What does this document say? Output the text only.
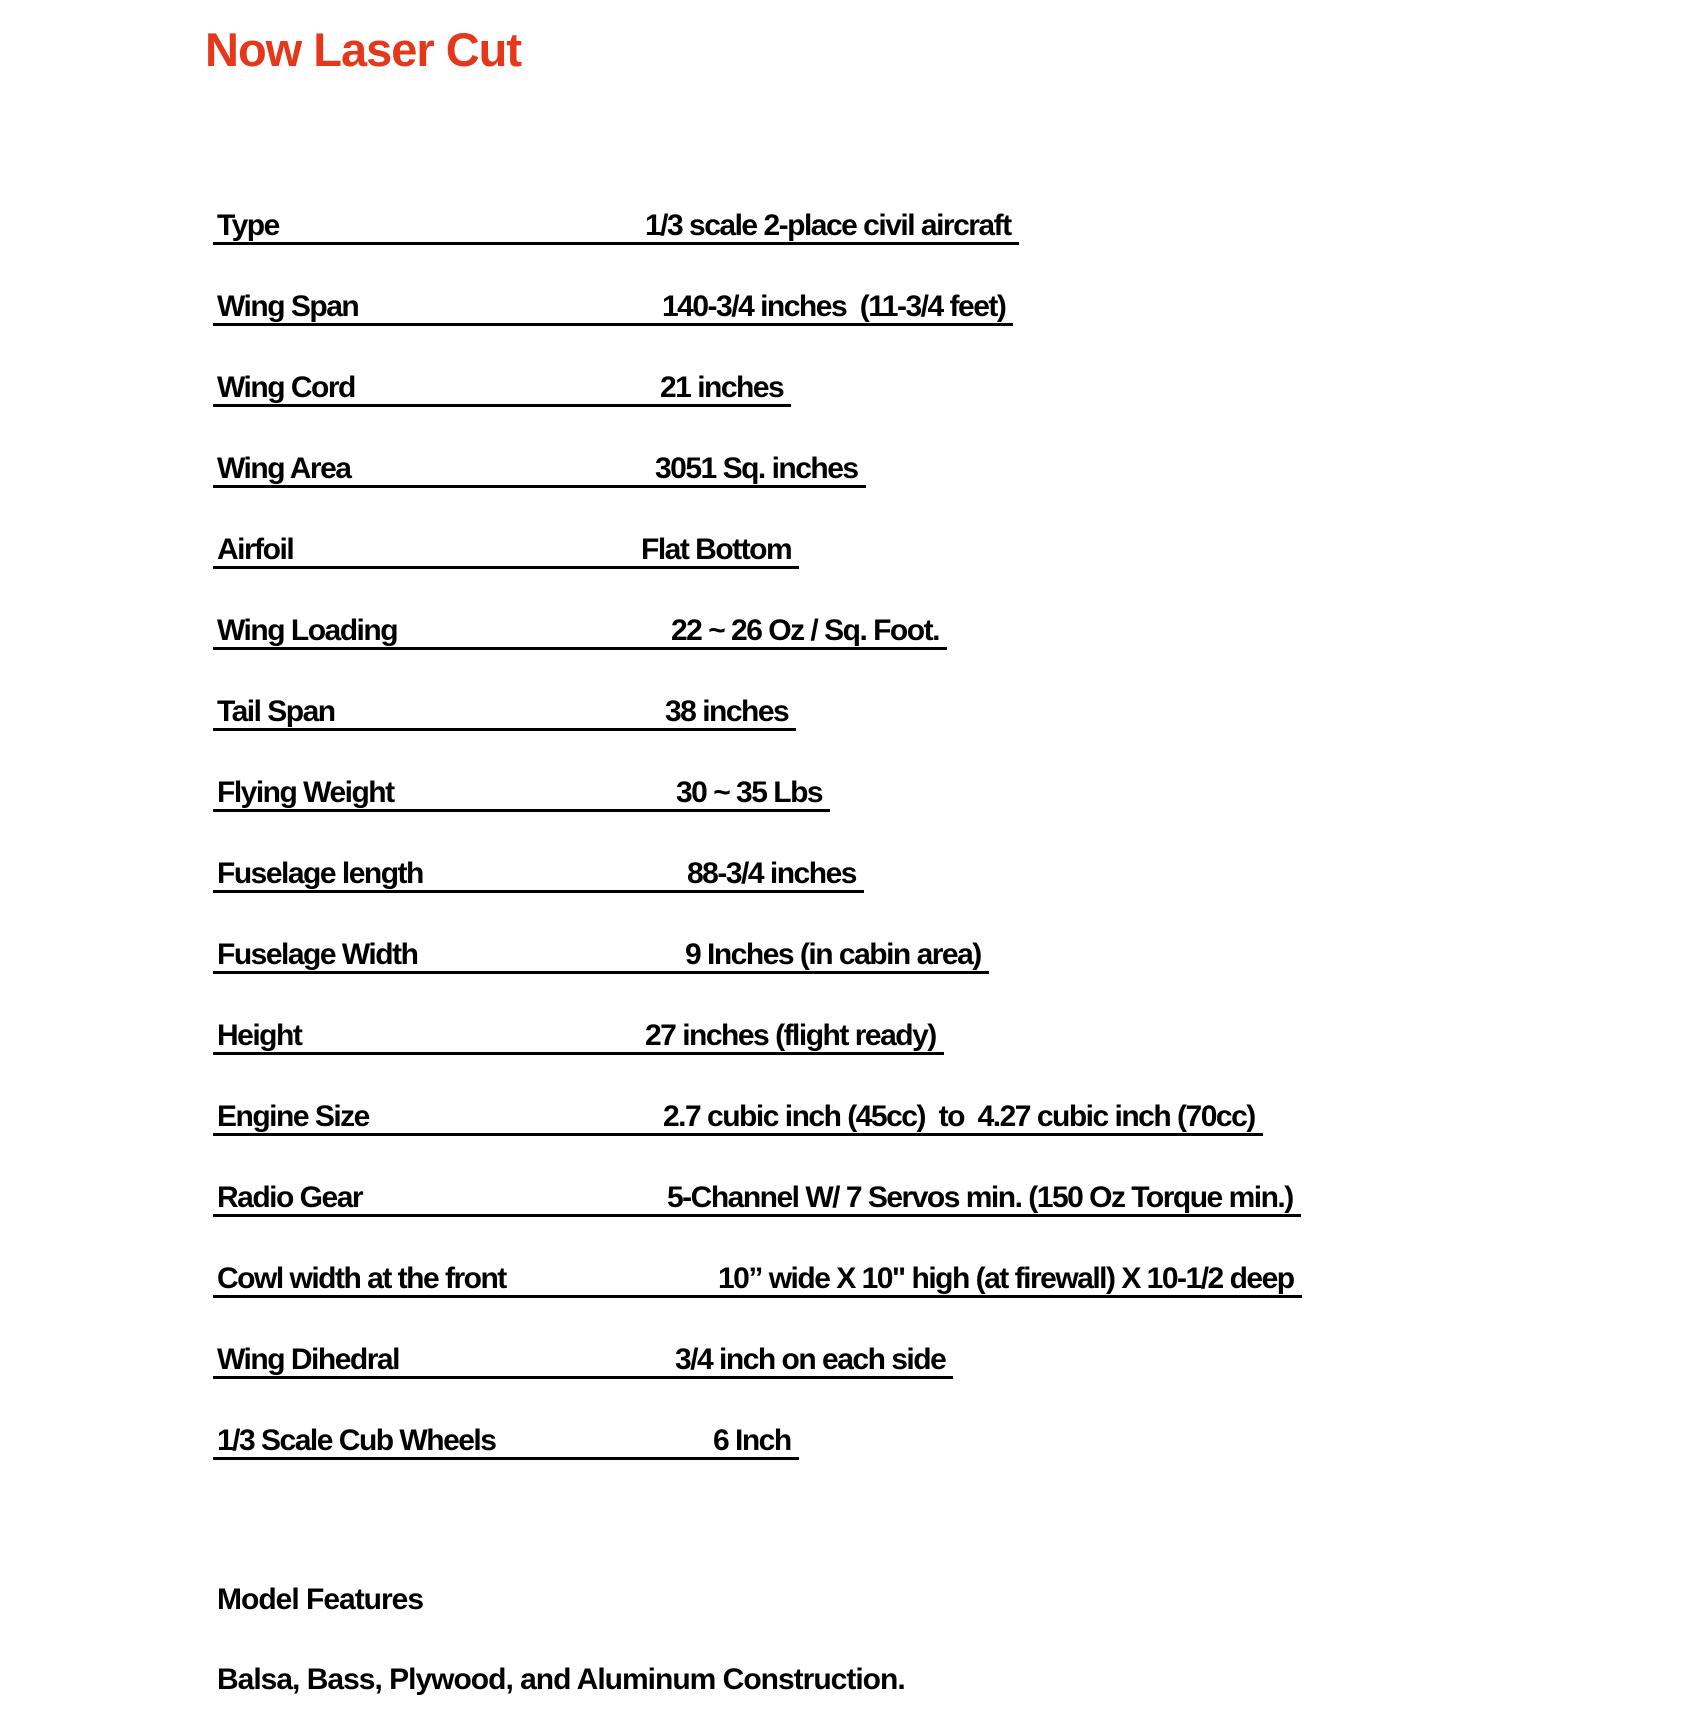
Now Laser Cut
Type	1/3 scale 2-place civil aircraft
Wing Span	140-3/4 inches  (11-3/4 feet)
Wing Cord	21 inches
Wing Area	3051 Sq. inches
Airfoil	Flat Bottom
Wing Loading	22 ~ 26 Oz / Sq. Foot.
Tail Span	38 inches
Flying Weight	30 ~ 35 Lbs
Fuselage length	88-3/4 inches
Fuselage Width	9 Inches (in cabin area)
Height	27 inches (flight ready)
Engine Size	2.7 cubic inch (45cc)  to  4.27 cubic inch (70cc)
Radio Gear	5-Channel W/ 7 Servos min. (150 Oz Torque min.)
Cowl width at the front	10” wide X 10" high (at firewall) X 10-1/2 deep
Wing Dihedral	3/4 inch on each side
1/3 Scale Cub Wheels	6 Inch
Model Features
Balsa, Bass, Plywood, and Aluminum Construction.
